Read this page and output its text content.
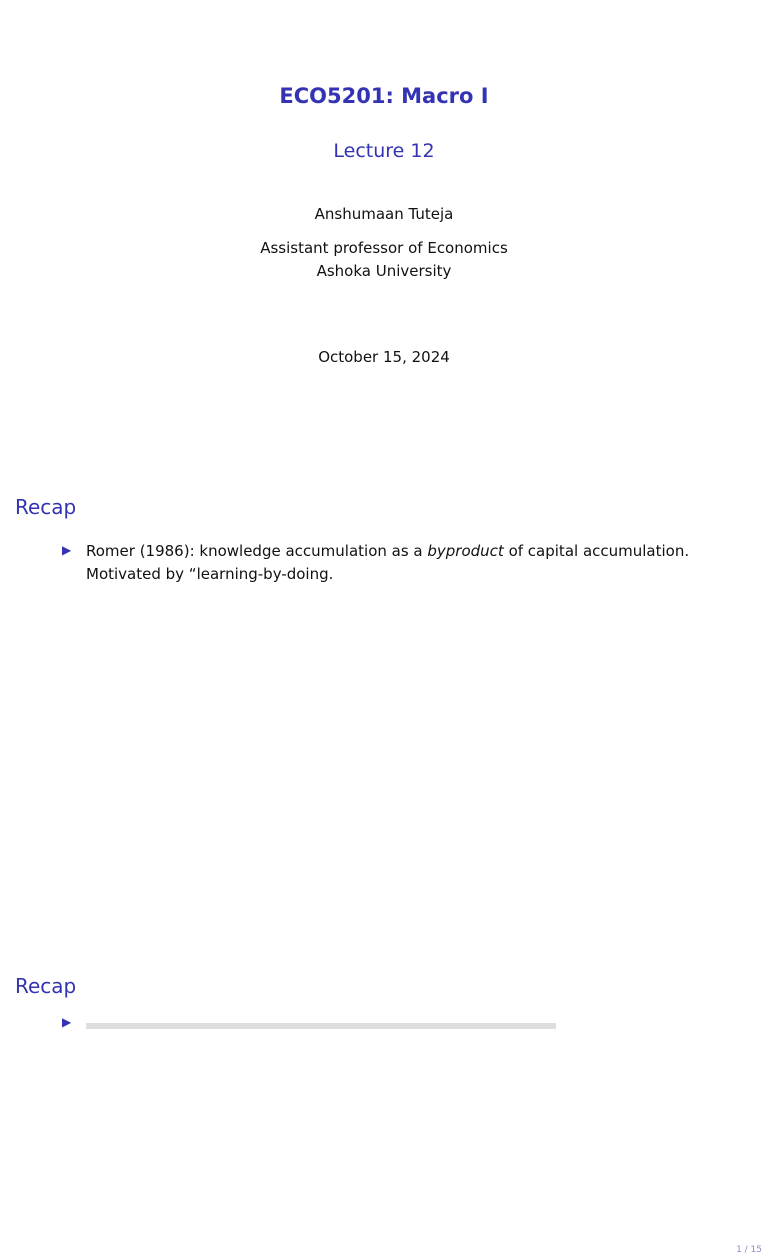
ECO5201: Macro I
Lecture 12
Anshumaan Tuteja
Assistant professor of Economics
Ashoka University
October 15, 2024
Recap
▶ Romer (1986): knowledge accumulation as a byproduct of capital accumulation.
Motivated by “learning-by-doing.
1 / 15
Recap
▶
